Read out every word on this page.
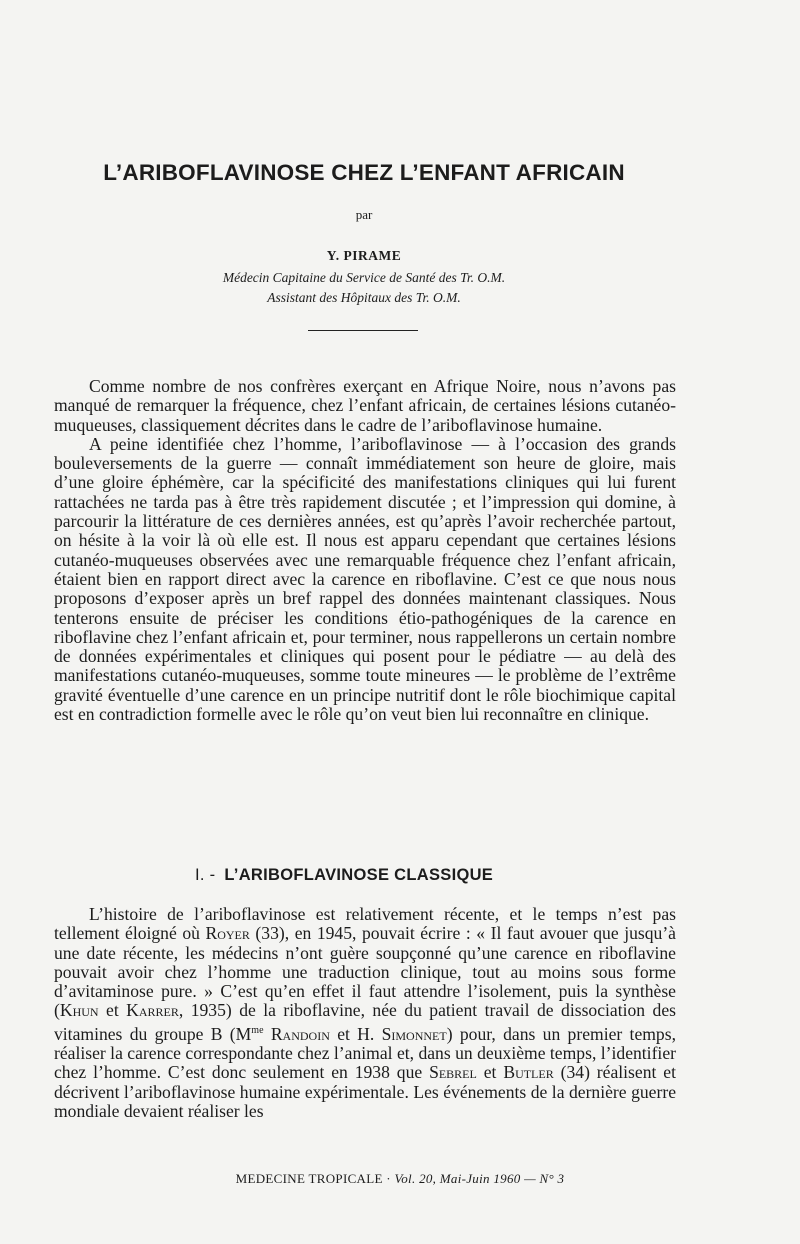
L’ARIBOFLAVINOSE CHEZ L’ENFANT AFRICAIN
par
Y. PIRAME
Médecin Capitaine du Service de Santé des Tr. O.M.
Assistant des Hôpitaux des Tr. O.M.

Comme nombre de nos confrères exerçant en Afrique Noire, nous n’avons pas manqué de remarquer la fréquence, chez l’enfant africain, de certaines lésions cutanéo-muqueuses, classiquement décrites dans le cadre de l’ariboflavinose humaine.

A peine identifiée chez l’homme, l’ariboflavinose — à l’occasion des grands bouleversements de la guerre — connaît immédiatement son heure de gloire, mais d’une gloire éphémère, car la spécificité des manifestations cliniques qui lui furent rattachées ne tarda pas à être très rapidement discutée ; et l’impression qui domine, à parcourir la littérature de ces dernières années, est qu’après l’avoir recherchée partout, on hésite à la voir là où elle est. Il nous est apparu cependant que certaines lésions cutanéo-muqueuses observées avec une remarquable fréquence chez l’enfant africain, étaient bien en rapport direct avec la carence en riboflavine. C’est ce que nous nous proposons d’exposer après un bref rappel des données maintenant classiques. Nous tenterons ensuite de préciser les conditions étio-pathogéniques de la carence en riboflavine chez l’enfant africain et, pour terminer, nous rappellerons un certain nombre de données expérimentales et cliniques qui posent pour le pédiatre — au delà des manifestations cutanéo-muqueuses, somme toute mineures — le problème de l’extrême gravité éventuelle d’une carence en un principe nutritif dont le rôle biochimique capital est en contradiction formelle avec le rôle qu’on veut bien lui reconnaître en clinique.

I. - L’ARIBOFLAVINOSE CLASSIQUE

L’histoire de l’ariboflavinose est relativement récente, et le temps n’est pas tellement éloigné où Royer (33), en 1945, pouvait écrire : « Il faut avouer que jusqu’à une date récente, les médecins n’ont guère soupçonné qu’une carence en riboflavine pouvait avoir chez l’homme une traduction clinique, tout au moins sous forme d’avitaminose pure. » C’est qu’en effet il faut attendre l’isolement, puis la synthèse (Khun et Karrer, 1935) de la riboflavine, née du patient travail de dissociation des vitamines du groupe B ($M^{me}$ Randoin et H. Simonnet) pour, dans un premier temps, réaliser la carence correspondante chez l’animal et, dans un deuxième temps, l’identifier chez l’homme. C’est donc seulement en 1938 que Sebrel et Butler (34) réalisent et décrivent l’ariboflavinose humaine expérimentale. Les événements de la dernière guerre mondiale devaient réaliser les

MEDECINE TROPICALE · Vol. 20, Mai-Juin 1960 — N° 3
